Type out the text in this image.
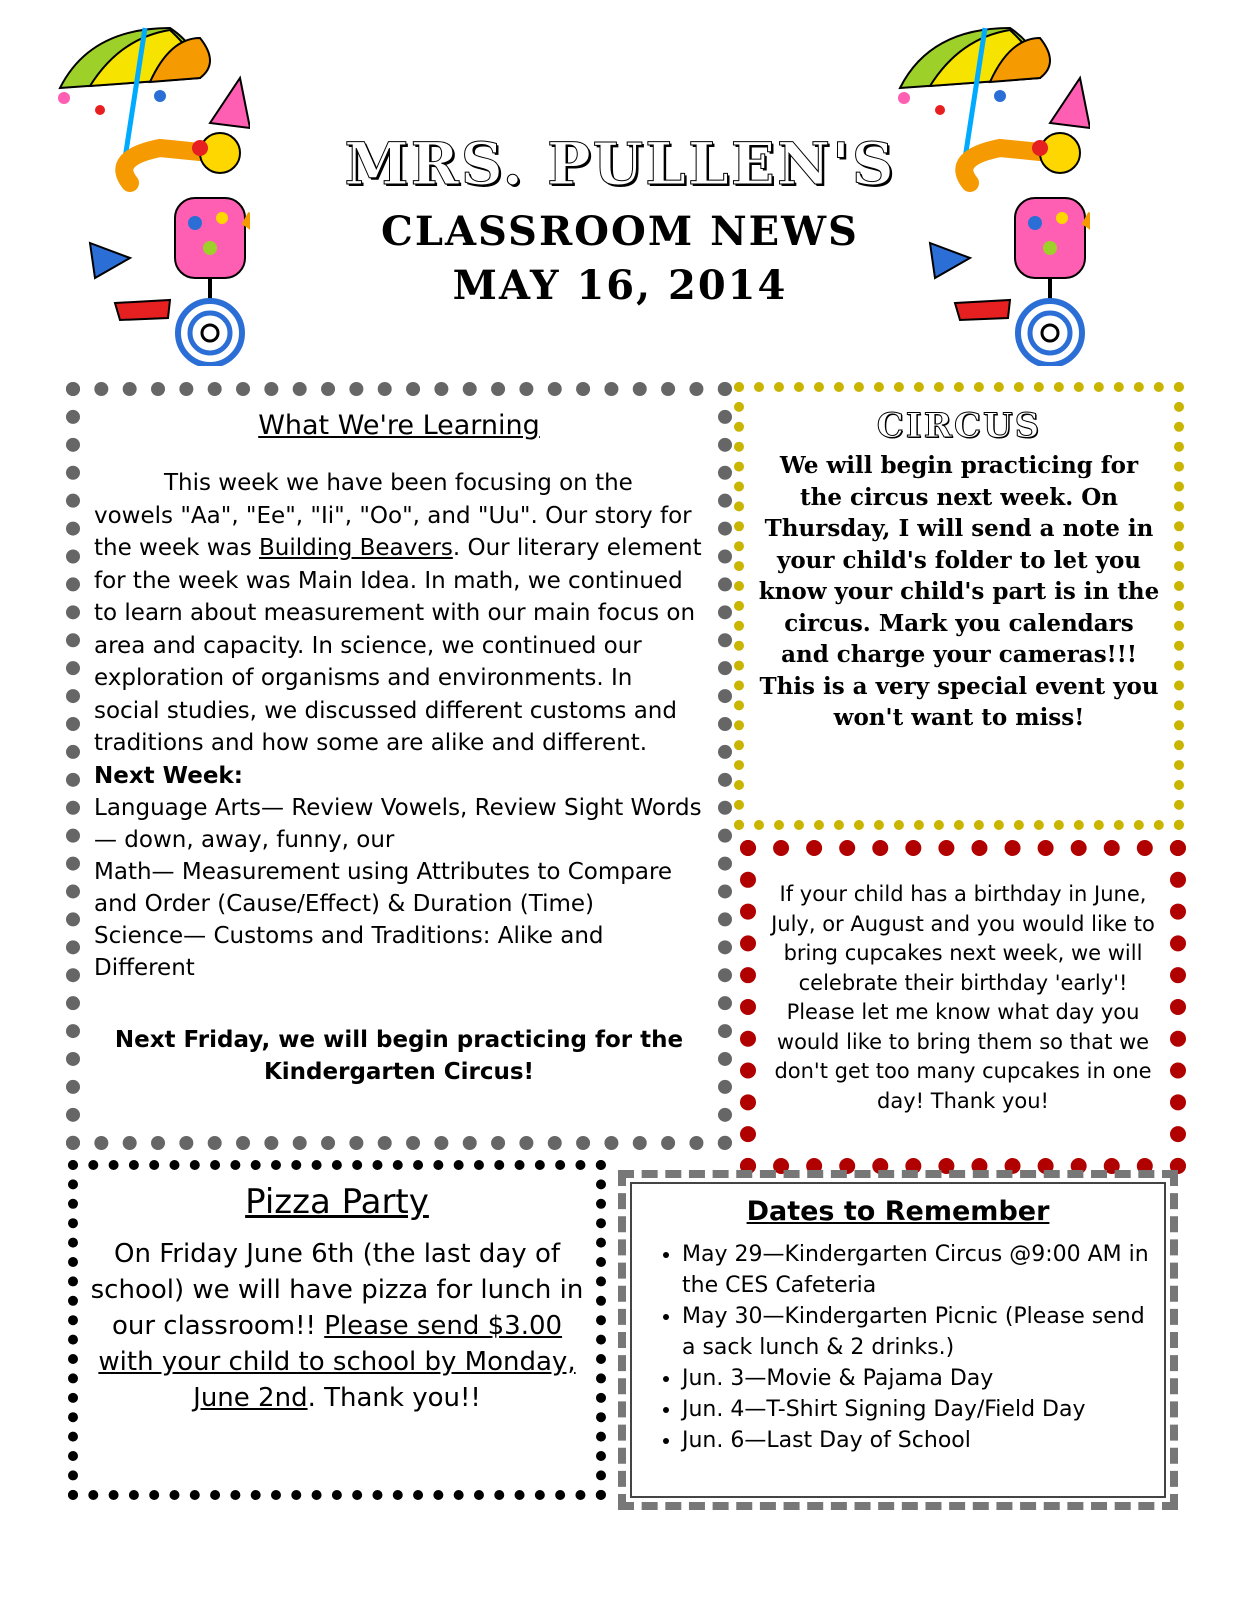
MRS. PULLEN'S
CLASSROOM NEWS
MAY 16, 2014
What We're Learning

This week we have been focusing on the vowels "Aa", "Ee", "Ii", "Oo", and "Uu". Our story for the week was Building Beavers. Our literary element for the week was Main Idea. In math, we continued to learn about measurement with our main focus on area and capacity. In science, we continued our exploration of organisms and environments. In social studies, we discussed different customs and traditions and how some are alike and different.

Next Week:
Language Arts— Review Vowels, Review Sight Words— down, away, funny, our
Math— Measurement using Attributes to Compare and Order (Cause/Effect) & Duration (Time)
Science— Customs and Traditions: Alike and Different

Next Friday, we will begin practicing for the Kindergarten Circus!
CIRCUS
We will begin practicing for the circus next week. On Thursday, I will send a note in your child's folder to let you know your child's part is in the circus. Mark you calendars and charge your cameras!!! This is a very special event you won't want to miss!
If your child has a birthday in June, July, or August and you would like to bring cupcakes next week, we will celebrate their birthday 'early'! Please let me know what day you would like to bring them so that we don't get too many cupcakes in one day! Thank you!
Pizza Party
On Friday June 6th (the last day of school) we will have pizza for lunch in our classroom!! Please send $3.00 with your child to school by Monday, June 2nd. Thank you!!
Dates to Remember
• May 29—Kindergarten Circus @9:00 AM in the CES Cafeteria
• May 30—Kindergarten Picnic (Please send a sack lunch & 2 drinks.)
• Jun. 3—Movie & Pajama Day
• Jun. 4—T-Shirt Signing Day/Field Day
• Jun. 6—Last Day of School
